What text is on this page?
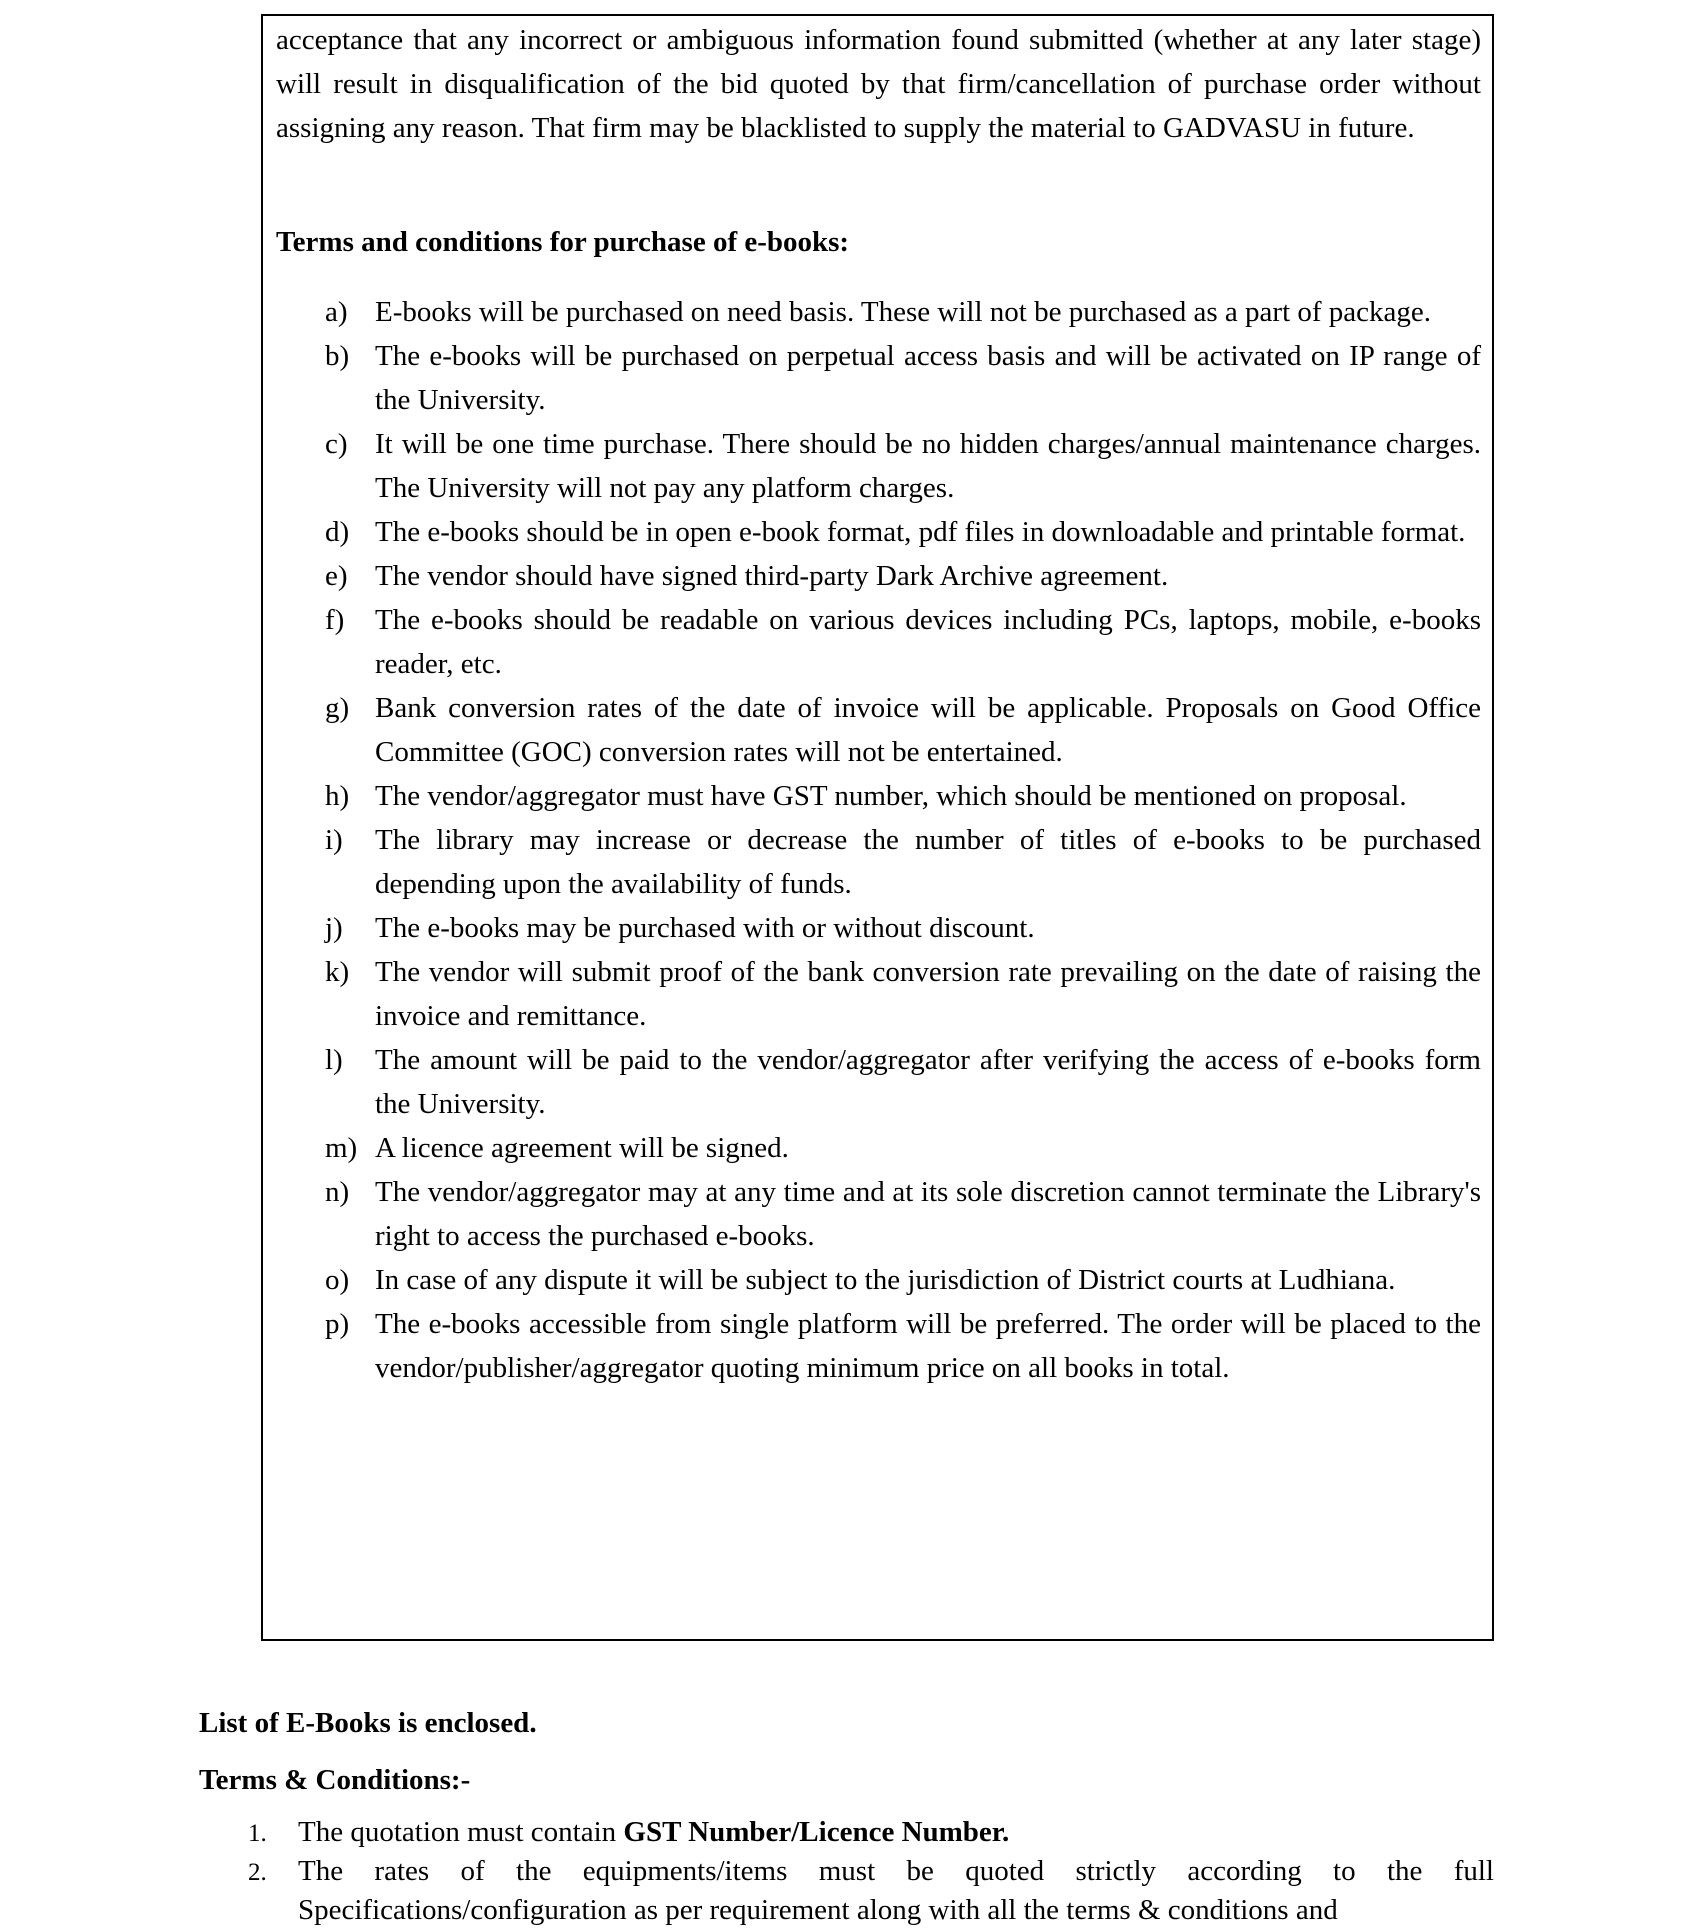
acceptance that any incorrect or ambiguous information found submitted (whether at any later stage) will result in disqualification of the bid quoted by that firm/cancellation of purchase order without assigning any reason. That firm may be blacklisted to supply the material to GADVASU in future.

Terms and conditions for purchase of e-books:

a) E-books will be purchased on need basis. These will not be purchased as a part of package.
b) The e-books will be purchased on perpetual access basis and will be activated on IP range of the University.
c) It will be one time purchase. There should be no hidden charges/annual maintenance charges. The University will not pay any platform charges.
d) The e-books should be in open e-book format, pdf files in downloadable and printable format.
e) The vendor should have signed third-party Dark Archive agreement.
f) The e-books should be readable on various devices including PCs, laptops, mobile, e-books reader, etc.
g) Bank conversion rates of the date of invoice will be applicable. Proposals on Good Office Committee (GOC) conversion rates will not be entertained.
h) The vendor/aggregator must have GST number, which should be mentioned on proposal.
i) The library may increase or decrease the number of titles of e-books to be purchased depending upon the availability of funds.
j) The e-books may be purchased with or without discount.
k) The vendor will submit proof of the bank conversion rate prevailing on the date of raising the invoice and remittance.
l) The amount will be paid to the vendor/aggregator after verifying the access of e-books form the University.
m) A licence agreement will be signed.
n) The vendor/aggregator may at any time and at its sole discretion cannot terminate the Library's right to access the purchased e-books.
o) In case of any dispute it will be subject to the jurisdiction of District courts at Ludhiana.
p) The e-books accessible from single platform will be preferred. The order will be placed to the vendor/publisher/aggregator quoting minimum price on all books in total.

List of E-Books is enclosed.

Terms & Conditions:-

1. The quotation must contain GST Number/Licence Number.
2. The rates of the equipments/items must be quoted strictly according to the full Specifications/configuration as per requirement along with all the terms & conditions and
